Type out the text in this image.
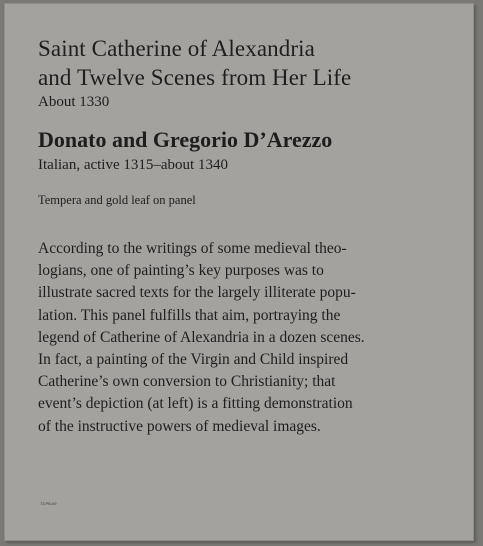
Saint Catherine of Alexandria
and Twelve Scenes from Her Life
About 1330
Donato and Gregorio D’Arezzo
Italian, active 1315–about 1340
Tempera and gold leaf on panel
According to the writings of some medieval theo-
logians, one of painting’s key purposes was to
illustrate sacred texts for the largely illiterate popu-
lation. This panel fulfills that aim, portraying the
legend of Catherine of Alexandria in a dozen scenes.
In fact, a painting of the Virgin and Child inspired
Catherine’s own conversion to Christianity; that
event’s depiction (at left) is a fitting demonstration
of the instructive powers of medieval images.
73.PB.69
